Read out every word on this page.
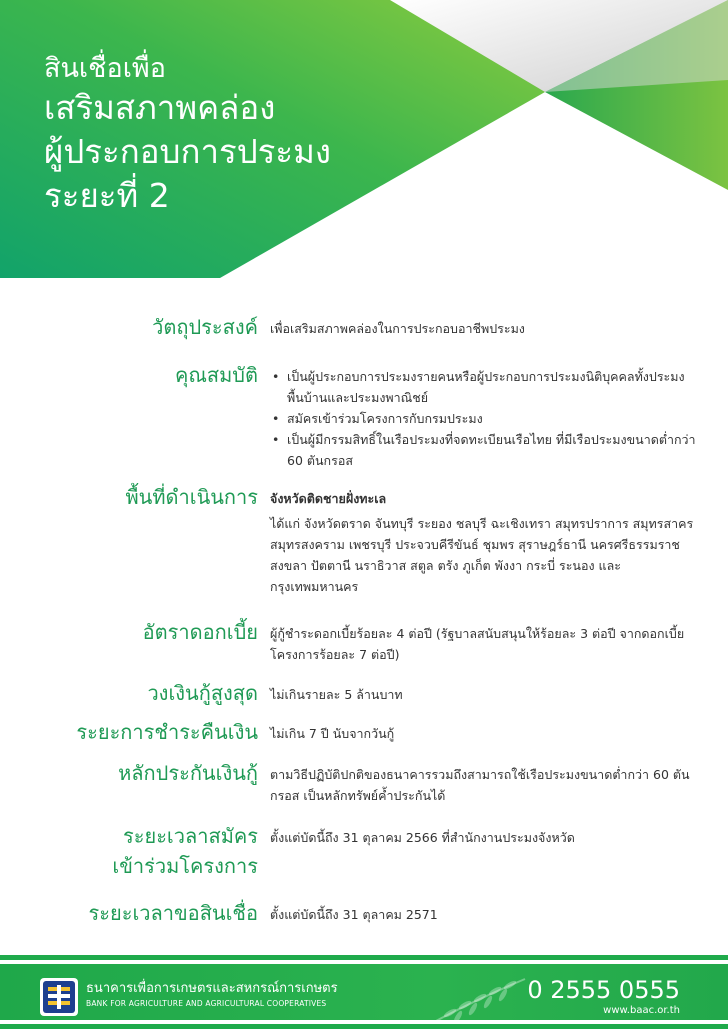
สินเชื่อเพื่อ
เสริมสภาพคล่อง
ผู้ประกอบการประมง
ระยะที่ 2
วัตถุประสงค์ เพื่อเสริมสภาพคล่องในการประกอบอาชีพประมง
คุณสมบัติ
•	เป็นผู้ประกอบการประมงรายคนหรือผู้ประกอบการประมงนิติบุคคลทั้งประมงพื้นบ้านและประมงพาณิชย์
• สมัครเข้าร่วมโครงการกับกรมประมง
• เป็นผู้มีกรรมสิทธิ์ในเรือประมงที่จดทะเบียนเรือไทย ที่มีเรือประมงขนาดต่ำกว่า 60 ตันกรอส
พื้นที่ดำเนินการ จังหวัดติดชายฝั่งทะเล
ได้แก่ จังหวัดตราด จันทบุรี ระยอง ชลบุรี ฉะเชิงเทรา สมุทรปราการ สมุทรสาคร สมุทรสงคราม เพชรบุรี ประจวบคีรีขันธ์ ชุมพร สุราษฎร์ธานี นครศรีธรรมราช สงขลา ปัตตานี นราธิวาส สตูล ตรัง ภูเก็ต พังงา กระบี่ ระนอง และกรุงเทพมหานคร
อัตราดอกเบี้ย ผู้กู้ชำระดอกเบี้ยร้อยละ 4 ต่อปี (รัฐบาลสนับสนุนให้ร้อยละ 3 ต่อปี จากดอกเบี้ยโครงการร้อยละ 7 ต่อปี)
วงเงินกู้สูงสุด ไม่เกินรายละ 5 ล้านบาท
ระยะการชำระคืนเงิน ไม่เกิน 7 ปี นับจากวันกู้
หลักประกันเงินกู้ ตามวิธีปฏิบัติปกติของธนาคารรวมถึงสามารถใช้เรือประมงขนาดต่ำกว่า 60 ตันกรอส เป็นหลักทรัพย์ค้ำประกันได้
ระยะเวลาสมัคร
เข้าร่วมโครงการ
ตั้งแต่บัดนี้ถึง 31 ตุลาคม 2566 ที่สำนักงานประมงจังหวัด
ระยะเวลาขอสินเชื่อ ตั้งแต่บัดนี้ถึง 31 ตุลาคม 2571
ธนาคารเพื่อการเกษตรและสหกรณ์การเกษตร
BANK FOR AGRICULTURE AND AGRICULTURAL COOPERATIVES	0 2555 0555
www.baac.or.th
